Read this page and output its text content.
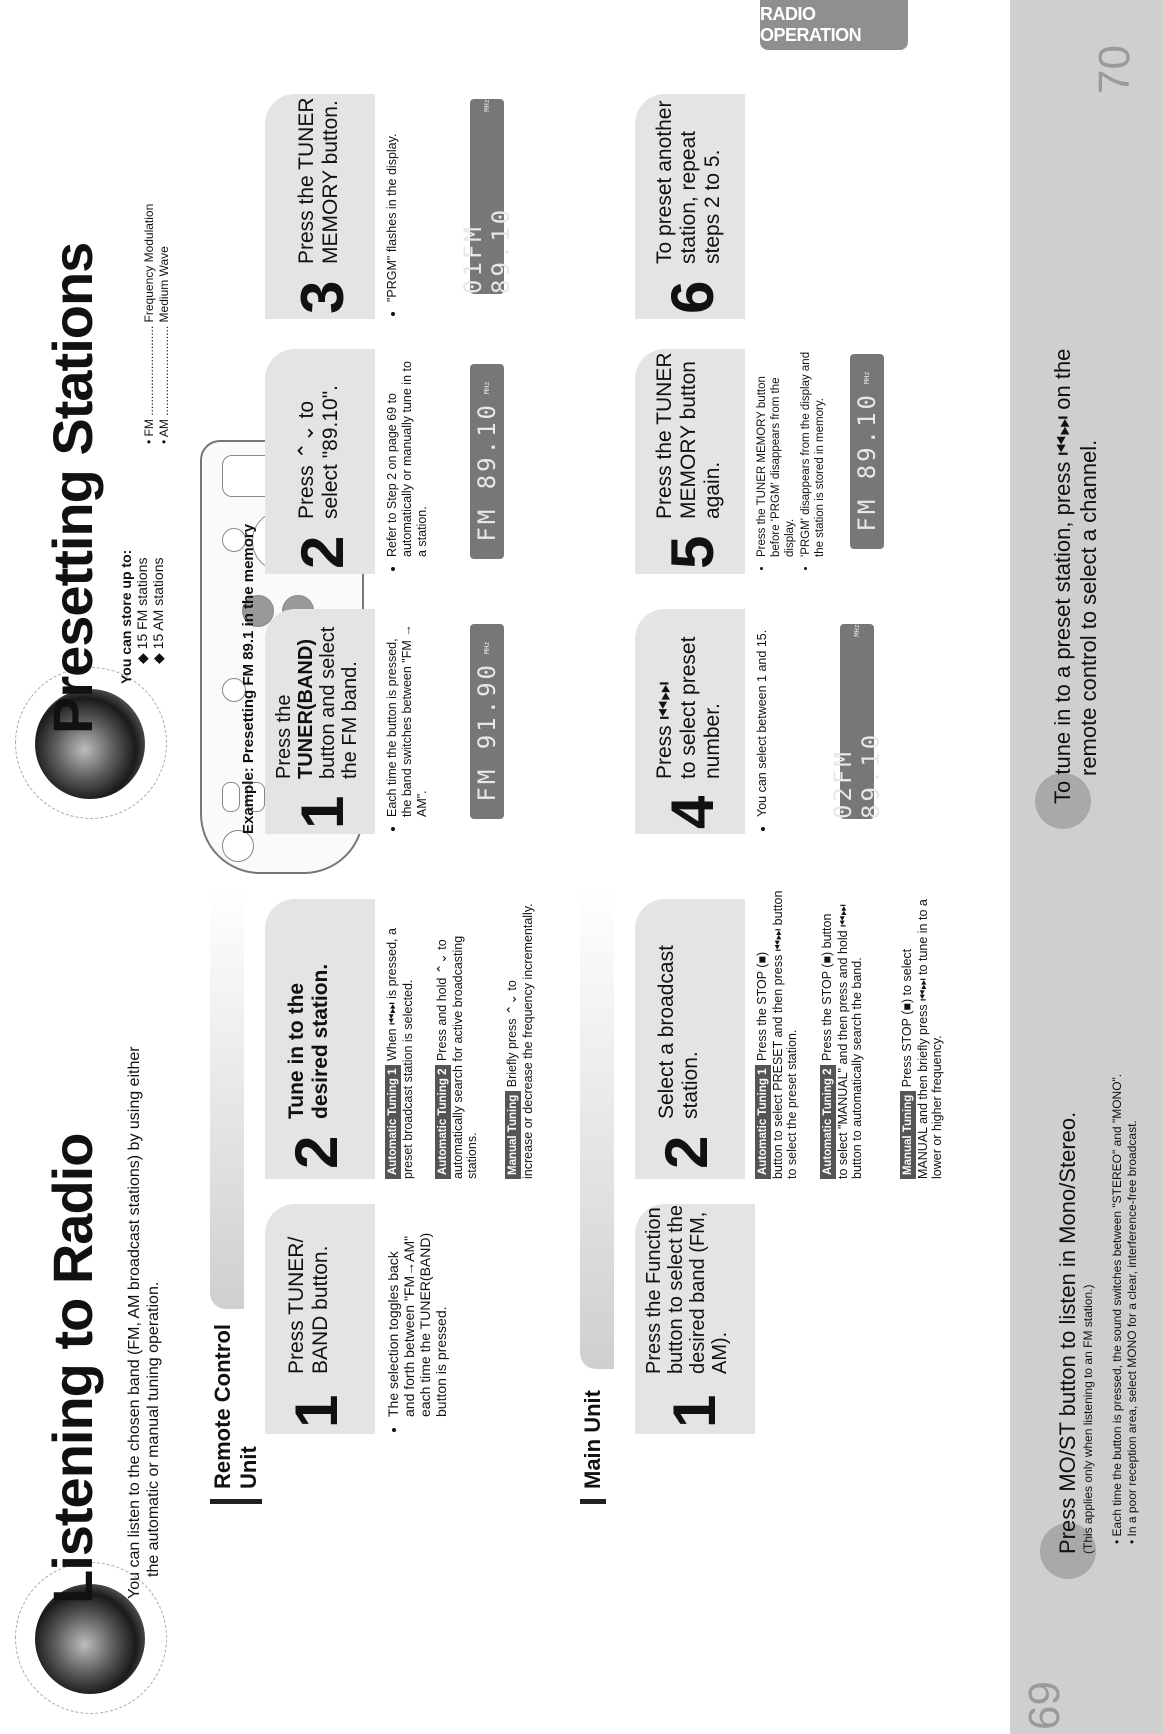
RADIO OPERATION
69
Listening to Radio You can listen to the chosen band (FM, AM broadcast stations) by using either the automatic or manual tuning operation. Remote Control Unit
1
Press TUNER/ BAND button.	• The selection toggles back
and forth between "FM→AM"
each time the TUNER(BAND)
button is pressed.
2
Tune in to the desired station.
Automatic Tuning 1 When ⏮⏭ is pressed, a
preset broadcast station is selected.
Automatic Tuning 2 Press and hold ⌃⌄ to
automatically search for active broadcasting stations. Manual Tuning Briefly press ⌃⌄ to
increase or decrease the frequency incrementally.
Main Unit 1
Press the Function button to select the desired band (FM, AM).
2
Select a broadcast station.	Automatic Tuning 1 Press the STOP (■)
button to select PRESET and then press ⏮⏭ button to select the preset station. Automatic Tuning 2 Press the STOP (■) button
to select "MANUAL" and then press and hold ⏮⏭ button to automatically search the band.
Manual Tuning Press STOP (■) to select
MANUAL and then briefly press ⏮⏭ to tune in to a lower or higher frequency.
Press MO/ST button to listen in Mono/Stereo. (This applies only when listening to an FM station.) • Each time the button is pressed, the sound switches between "STEREO" and "MONO". • In a poor reception area, select MONO for a clear, interference-free broadcast.
70
Presetting Stations You can store up to: ◆ 15 FM stations ◆ 15 AM stations
• FM ........................... Frequency Modulation • AM ........................... Medium Wave
Example: Presetting FM 89.1 in the memory 1
Press the TUNER(BAND) button and select the FM band. • Each time the button is pressed, the band switches between "FM → AM".
FM 91.90
MHz
2
Press ⌃⌄ to select "89.10".	• Refer to Step 2 on page 69 to automatically or manually tune in to a station. FM 89.10
MHz
3
Press the TUNER MEMORY button.	• "PRGM" flashes in the display.	01FM 89.10
MHz
4
Press ⏮⏭ to select preset number. • You can select between 1 and 15.
02FM 89.10
MHz
5
Press the TUNER MEMORY button again.	• Press the TUNER MEMORY button before 'PRGM' disappears from the display. • 'PRGM' disappears from the display and the station is stored in memory. FM 89.10
MHz
6
To preset another station, repeat steps 2 to 5.
To tune in to a preset station, press ⏮⏭ on the remote control to select a channel.
